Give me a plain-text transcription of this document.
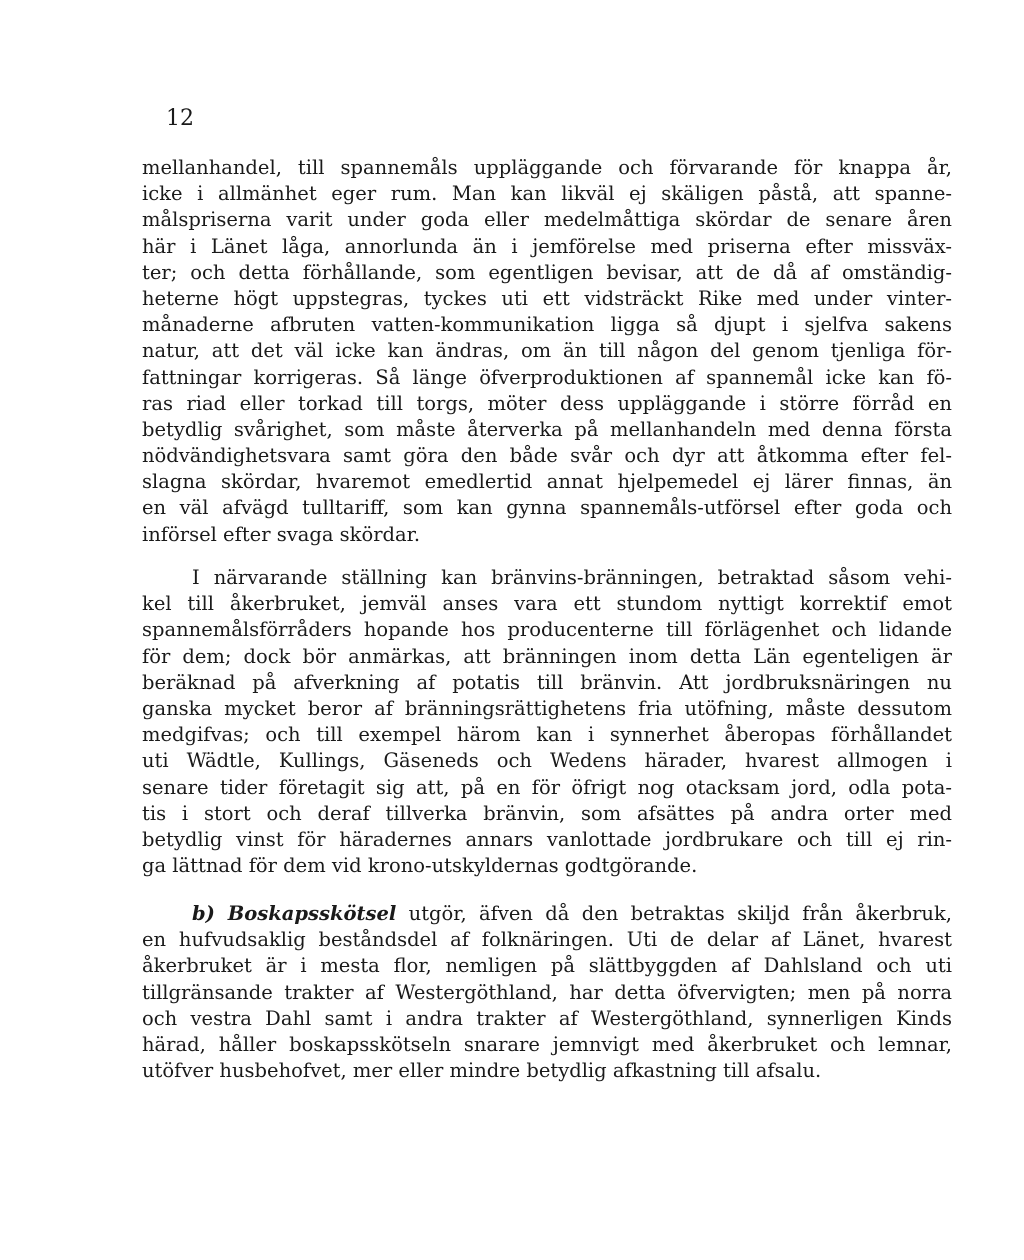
12
mellanhandel, till spannemåls uppläggande och förvarande för knappa år,
icke i allmänhet eger rum. Man kan likväl ej skäligen påstå, att spanne-
målspriserna varit under goda eller medelmåttiga skördar de senare åren
här i Länet låga, annorlunda än i jemförelse med priserna efter missväx-
ter; och detta förhållande, som egentligen bevisar, att de då af omständig-
heterne högt uppstegras, tyckes uti ett vidsträckt Rike med under vinter-
månaderne afbruten vatten-kommunikation ligga så djupt i sjelfva sakens
natur, att det väl icke kan ändras, om än till någon del genom tjenliga för-
fattningar korrigeras. Så länge öfverproduktionen af spannemål icke kan fö-
ras riad eller torkad till torgs, möter dess uppläggande i större förråd en
betydlig svårighet, som måste återverka på mellanhandeln med denna första
nödvändighetsvara samt göra den både svår och dyr att åtkomma efter fel-
slagna skördar, hvaremot emedlertid annat hjelpemedel ej lärer finnas, än
en väl afvägd tulltariff, som kan gynna spannemåls-utförsel efter goda och
införsel efter svaga skördar.
I närvarande ställning kan bränvins-bränningen, betraktad såsom vehi-
kel till åkerbruket, jemväl anses vara ett stundom nyttigt korrektif emot
spannemålsförråders hopande hos producenterne till förlägenhet och lidande
för dem; dock bör anmärkas, att bränningen inom detta Län egenteligen är
beräknad på afverkning af potatis till bränvin. Att jordbruksnäringen nu
ganska mycket beror af bränningsrättighetens fria utöfning, måste dessutom
medgifvas; och till exempel härom kan i synnerhet åberopas förhållandet
uti Wädtle, Kullings, Gäseneds och Wedens härader, hvarest allmogen i
senare tider företagit sig att, på en för öfrigt nog otacksam jord, odla pota-
tis i stort och deraf tillverka bränvin, som afsättes på andra orter med
betydlig vinst för häradernes annars vanlottade jordbrukare och till ej rin-
ga lättnad för dem vid krono-utskyldernas godtgörande.
b) Boskapsskötsel utgör, äfven då den betraktas skiljd från åkerbruk,
en hufvudsaklig beståndsdel af folknäringen. Uti de delar af Länet, hvarest
åkerbruket är i mesta flor, nemligen på slättbyggden af Dahlsland och uti
tillgränsande trakter af Westergöthland, har detta öfvervigten; men på norra
och vestra Dahl samt i andra trakter af Westergöthland, synnerligen Kinds
härad, håller boskapsskötseln snarare jemnvigt med åkerbruket och lemnar,
utöfver husbehofvet, mer eller mindre betydlig afkastning till afsalu.
